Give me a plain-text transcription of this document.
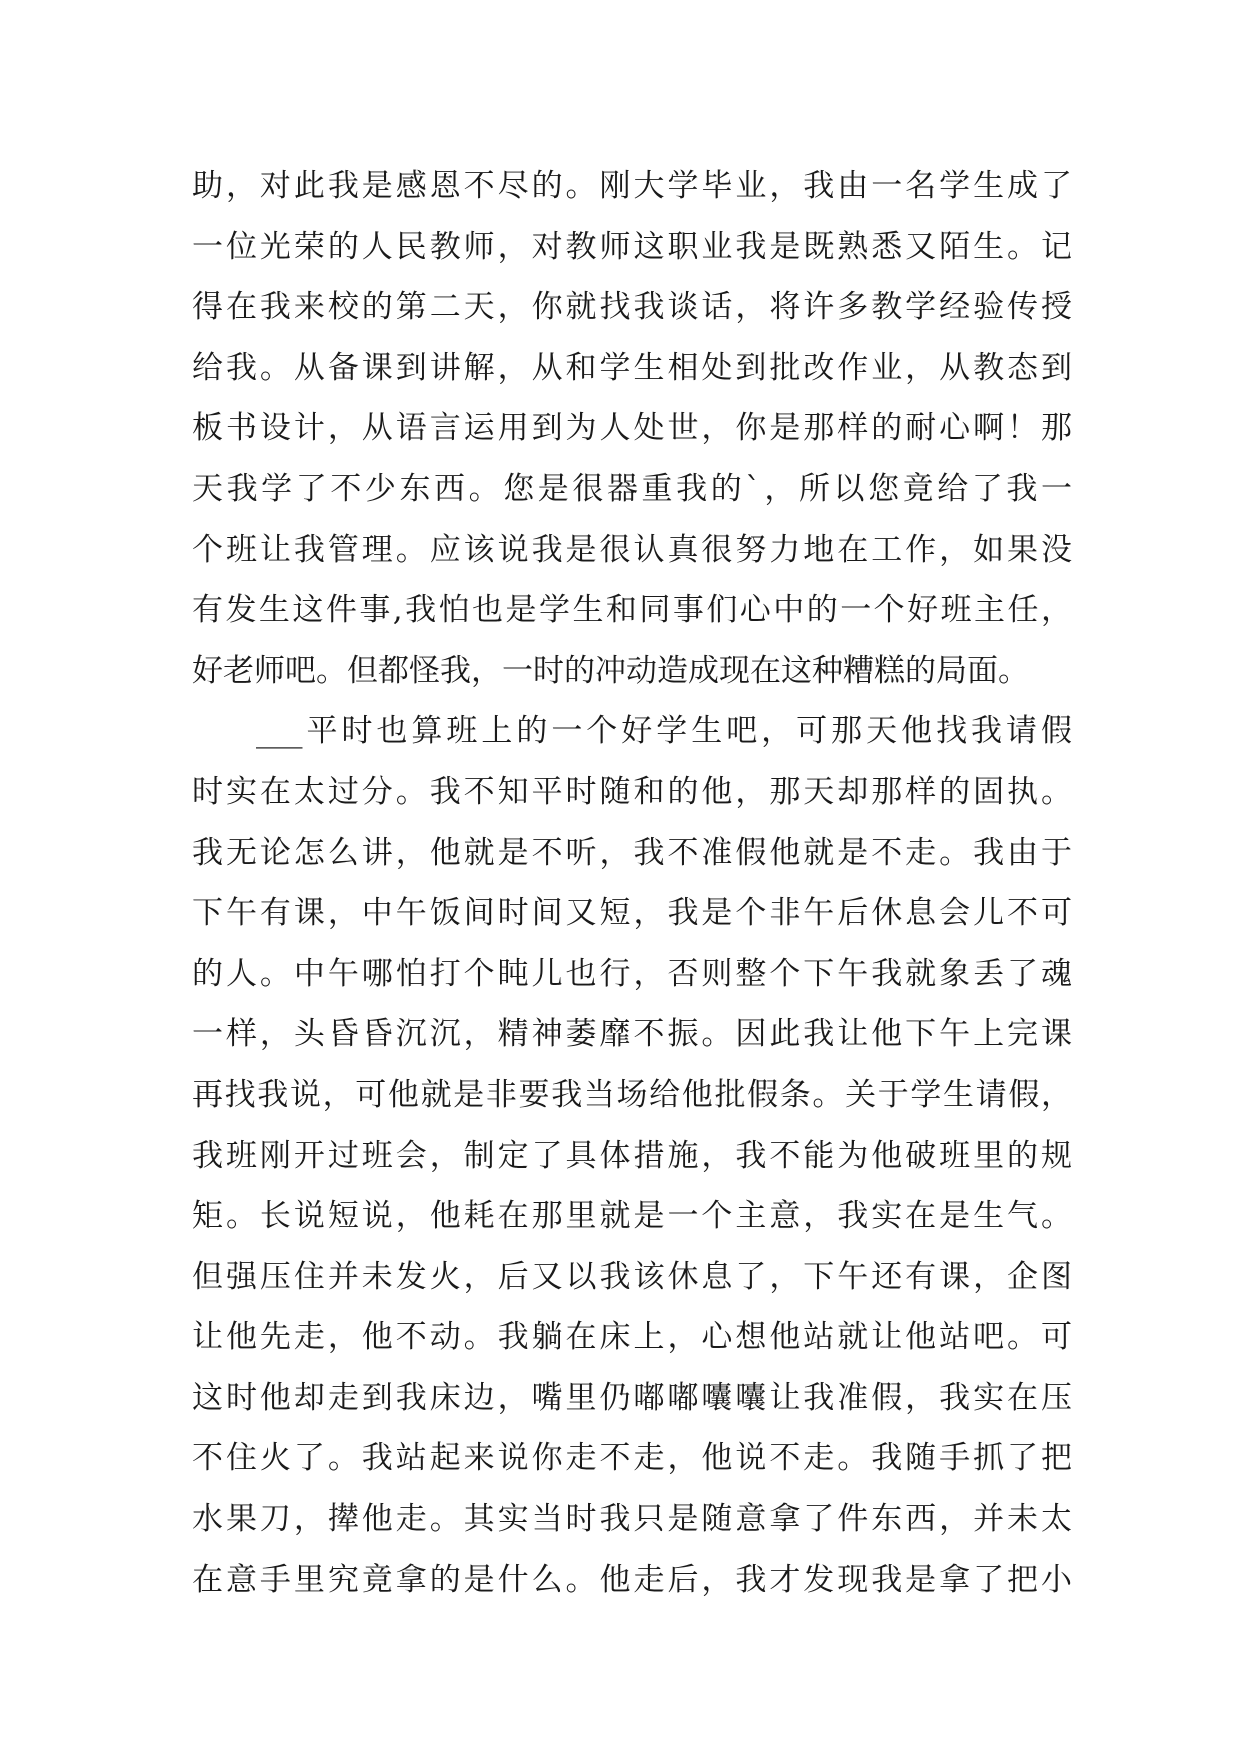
助，对此我是感恩不尽的。刚大学毕业，我由一名学生成了
一位光荣的人民教师，对教师这职业我是既熟悉又陌生。记
得在我来校的第二天，你就找我谈话，将许多教学经验传授
给我。从备课到讲解，从和学生相处到批改作业，从教态到
板书设计，从语言运用到为人处世，你是那样的耐心啊！那
天我学了不少东西。您是很器重我的`，所以您竟给了我一
个班让我管理。应该说我是很认真很努力地在工作，如果没
有发生这件事,我怕也是学生和同事们心中的一个好班主任，
好老师吧。但都怪我，一时的冲动造成现在这种糟糕的局面。
___平时也算班上的一个好学生吧，可那天他找我请假
时实在太过分。我不知平时随和的他，那天却那样的固执。
我无论怎么讲，他就是不听，我不准假他就是不走。我由于
下午有课，中午饭间时间又短，我是个非午后休息会儿不可
的人。中午哪怕打个盹儿也行，否则整个下午我就象丢了魂
一样，头昏昏沉沉，精神萎靡不振。因此我让他下午上完课
再找我说，可他就是非要我当场给他批假条。关于学生请假，
我班刚开过班会，制定了具体措施，我不能为他破班里的规
矩。长说短说，他耗在那里就是一个主意，我实在是生气。
但强压住并未发火，后又以我该休息了，下午还有课，企图
让他先走，他不动。我躺在床上，心想他站就让他站吧。可
这时他却走到我床边，嘴里仍嘟嘟囔囔让我准假，我实在压
不住火了。我站起来说你走不走，他说不走。我随手抓了把
水果刀，撵他走。其实当时我只是随意拿了件东西，并未太
在意手里究竟拿的是什么。他走后，我才发现我是拿了把小
